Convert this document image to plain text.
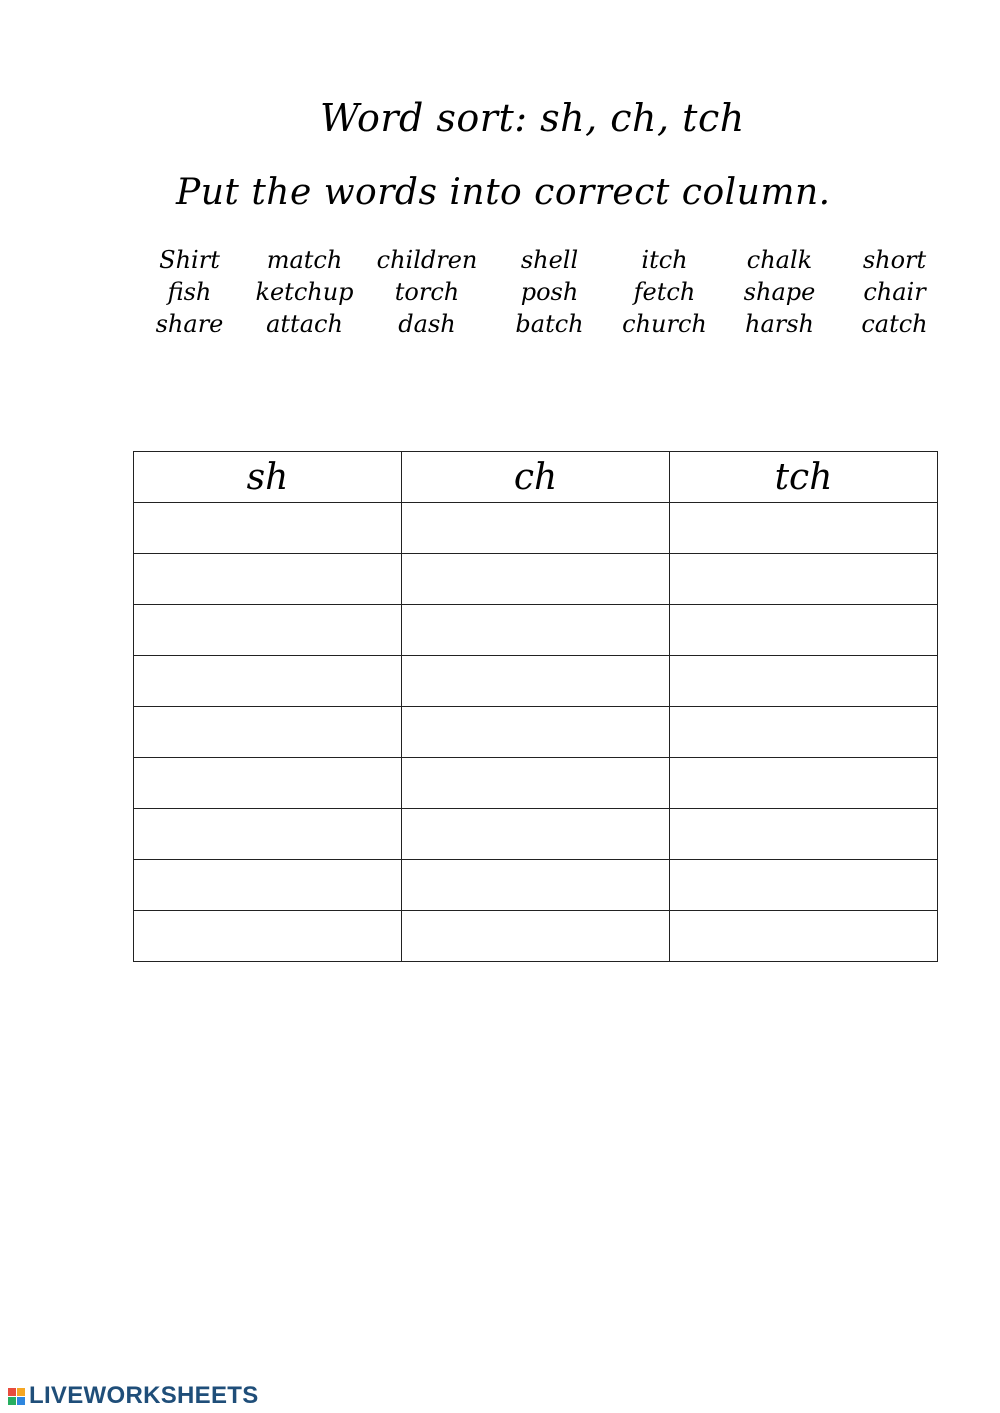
Word sort: sh, ch, tch
Put the words into correct column.
Shirt	match	children	shell	itch	chalk	short
fish	ketchup	torch	posh	fetch	shape	chair
share	attach	dash	batch	church	harsh	catch
sh	ch	tch

LIVEWORKSHEETS
